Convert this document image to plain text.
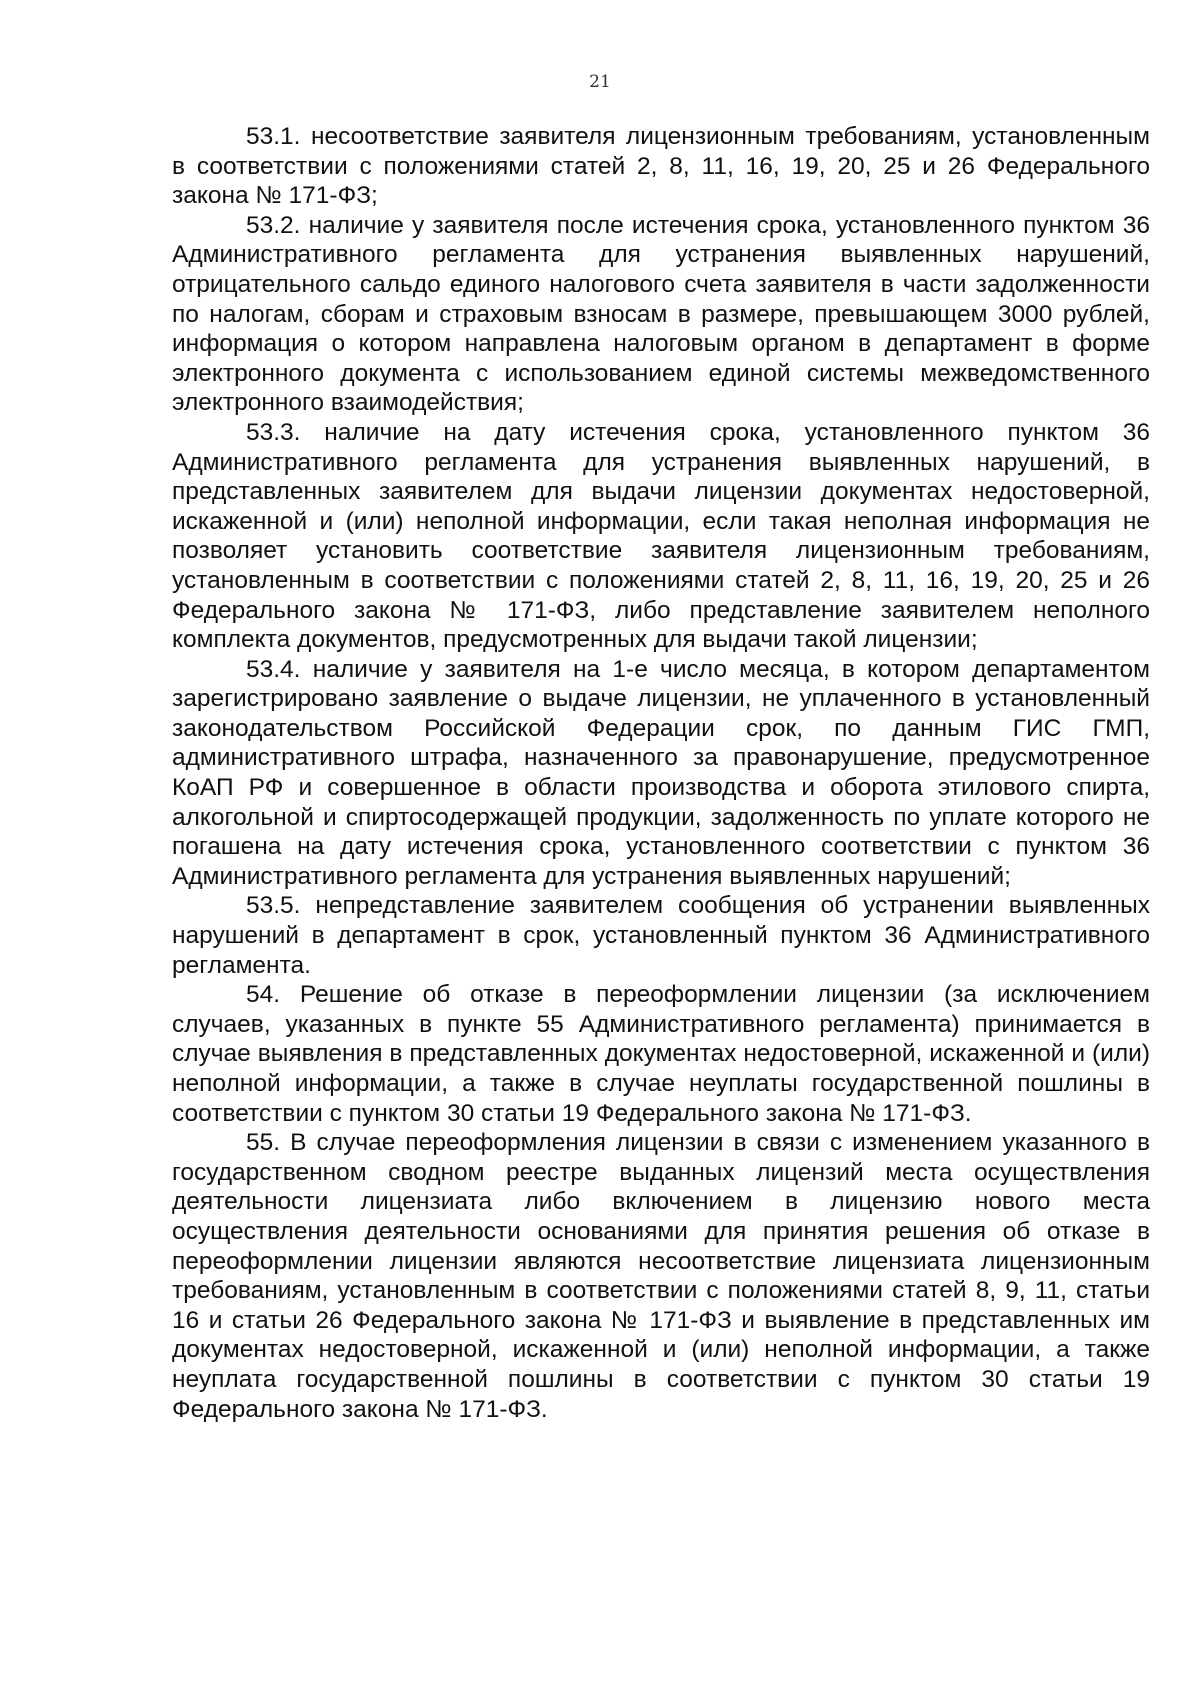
21

53.1. несоответствие заявителя лицензионным требованиям, установленным в соответствии с положениями статей 2, 8, 11, 16, 19, 20, 25 и 26 Федерального закона № 171-ФЗ;

53.2. наличие у заявителя после истечения срока, установленного пунктом 36 Административного регламента для устранения выявленных нарушений, отрицательного сальдо единого налогового счета заявителя в части задолженности по налогам, сборам и страховым взносам в размере, превышающем 3000 рублей, информация о котором направлена налоговым органом в департамент в форме электронного документа с использованием единой системы межведомственного электронного взаимодействия;

53.3. наличие на дату истечения срока, установленного пунктом 36 Административного регламента для устранения выявленных нарушений, в представленных заявителем для выдачи лицензии документах недостоверной, искаженной и (или) неполной информации, если такая неполная информация не позволяет установить соответствие заявителя лицензионным требованиям, установленным в соответствии с положениями статей 2, 8, 11, 16, 19, 20, 25 и 26 Федерального закона № 171-ФЗ, либо представление заявителем неполного комплекта документов, предусмотренных для выдачи такой лицензии;

53.4. наличие у заявителя на 1-е число месяца, в котором департаментом зарегистрировано заявление о выдаче лицензии, не уплаченного в установленный законодательством Российской Федерации срок, по данным ГИС ГМП, административного штрафа, назначенного за правонарушение, предусмотренное КоАП РФ и совершенное в области производства и оборота этилового спирта, алкогольной и спиртосодержащей продукции, задолженность по уплате которого не погашена на дату истечения срока, установленного соответствии с пунктом 36 Административного регламента для устранения выявленных нарушений;

53.5. непредставление заявителем сообщения об устранении выявленных нарушений в департамент в срок, установленный пунктом 36 Административного регламента.

54. Решение об отказе в переоформлении лицензии (за исключением случаев, указанных в пункте 55 Административного регламента) принимается в случае выявления в представленных документах недостоверной, искаженной и (или) неполной информации, а также в случае неуплаты государственной пошлины в соответствии с пунктом 30 статьи 19 Федерального закона № 171-ФЗ.

55. В случае переоформления лицензии в связи с изменением указанного в государственном сводном реестре выданных лицензий места осуществления деятельности лицензиата либо включением в лицензию нового места осуществления деятельности основаниями для принятия решения об отказе в переоформлении лицензии являются несоответствие лицензиата лицензионным требованиям, установленным в соответствии с положениями статей 8, 9, 11, статьи 16 и статьи 26 Федерального закона № 171-ФЗ и выявление в представленных им документах недостоверной, искаженной и (или) неполной информации, а также неуплата государственной пошлины в соответствии с пунктом 30 статьи 19 Федерального закона № 171-ФЗ.
